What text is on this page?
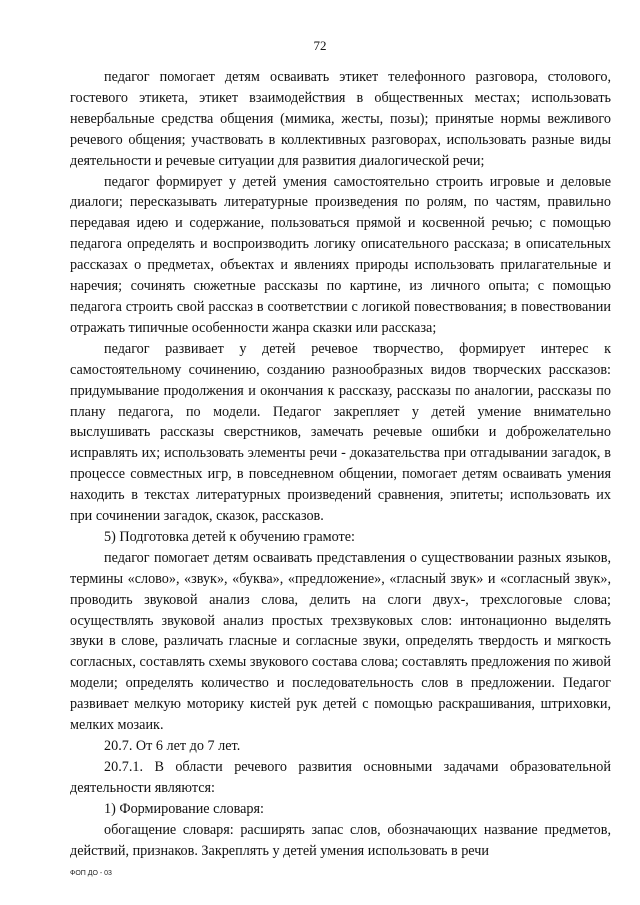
72

педагог помогает детям осваивать этикет телефонного разговора, столового, гостевого этикета, этикет взаимодействия в общественных местах; использовать невербальные средства общения (мимика, жесты, позы); принятые нормы вежливого речевого общения; участвовать в коллективных разговорах, использовать разные виды деятельности и речевые ситуации для развития диалогической речи;

педагог формирует у детей умения самостоятельно строить игровые и деловые диалоги; пересказывать литературные произведения по ролям, по частям, правильно передавая идею и содержание, пользоваться прямой и косвенной речью; с помощью педагога определять и воспроизводить логику описательного рассказа; в описательных рассказах о предметах, объектах и явлениях природы использовать прилагательные и наречия; сочинять сюжетные рассказы по картине, из личного опыта; с помощью педагога строить свой рассказ в соответствии с логикой повествования; в повествовании отражать типичные особенности жанра сказки или рассказа;

педагог развивает у детей речевое творчество, формирует интерес к самостоятельному сочинению, созданию разнообразных видов творческих рассказов: придумывание продолжения и окончания к рассказу, рассказы по аналогии, рассказы по плану педагога, по модели. Педагог закрепляет у детей умение внимательно выслушивать рассказы сверстников, замечать речевые ошибки и доброжелательно исправлять их; использовать элементы речи - доказательства при отгадывании загадок, в процессе совместных игр, в повседневном общении, помогает детям осваивать умения находить в текстах литературных произведений сравнения, эпитеты; использовать их при сочинении загадок, сказок, рассказов.

5) Подготовка детей к обучению грамоте:

педагог помогает детям осваивать представления о существовании разных языков, термины «слово», «звук», «буква», «предложение», «гласный звук» и «согласный звук», проводить звуковой анализ слова, делить на слоги двух-, трехслоговые слова; осуществлять звуковой анализ простых трехзвуковых слов: интонационно выделять звуки в слове, различать гласные и согласные звуки, определять твердость и мягкость согласных, составлять схемы звукового состава слова; составлять предложения по живой модели; определять количество и последовательность слов в предложении. Педагог развивает мелкую моторику кистей рук детей с помощью раскрашивания, штриховки, мелких мозаик.

20.7. От 6 лет до 7 лет.

20.7.1. В области речевого развития основными задачами образовательной деятельности являются:

1) Формирование словаря:

обогащение словаря: расширять запас слов, обозначающих название предметов, действий, признаков. Закреплять у детей умения использовать в речи

ФОП ДО - 03
